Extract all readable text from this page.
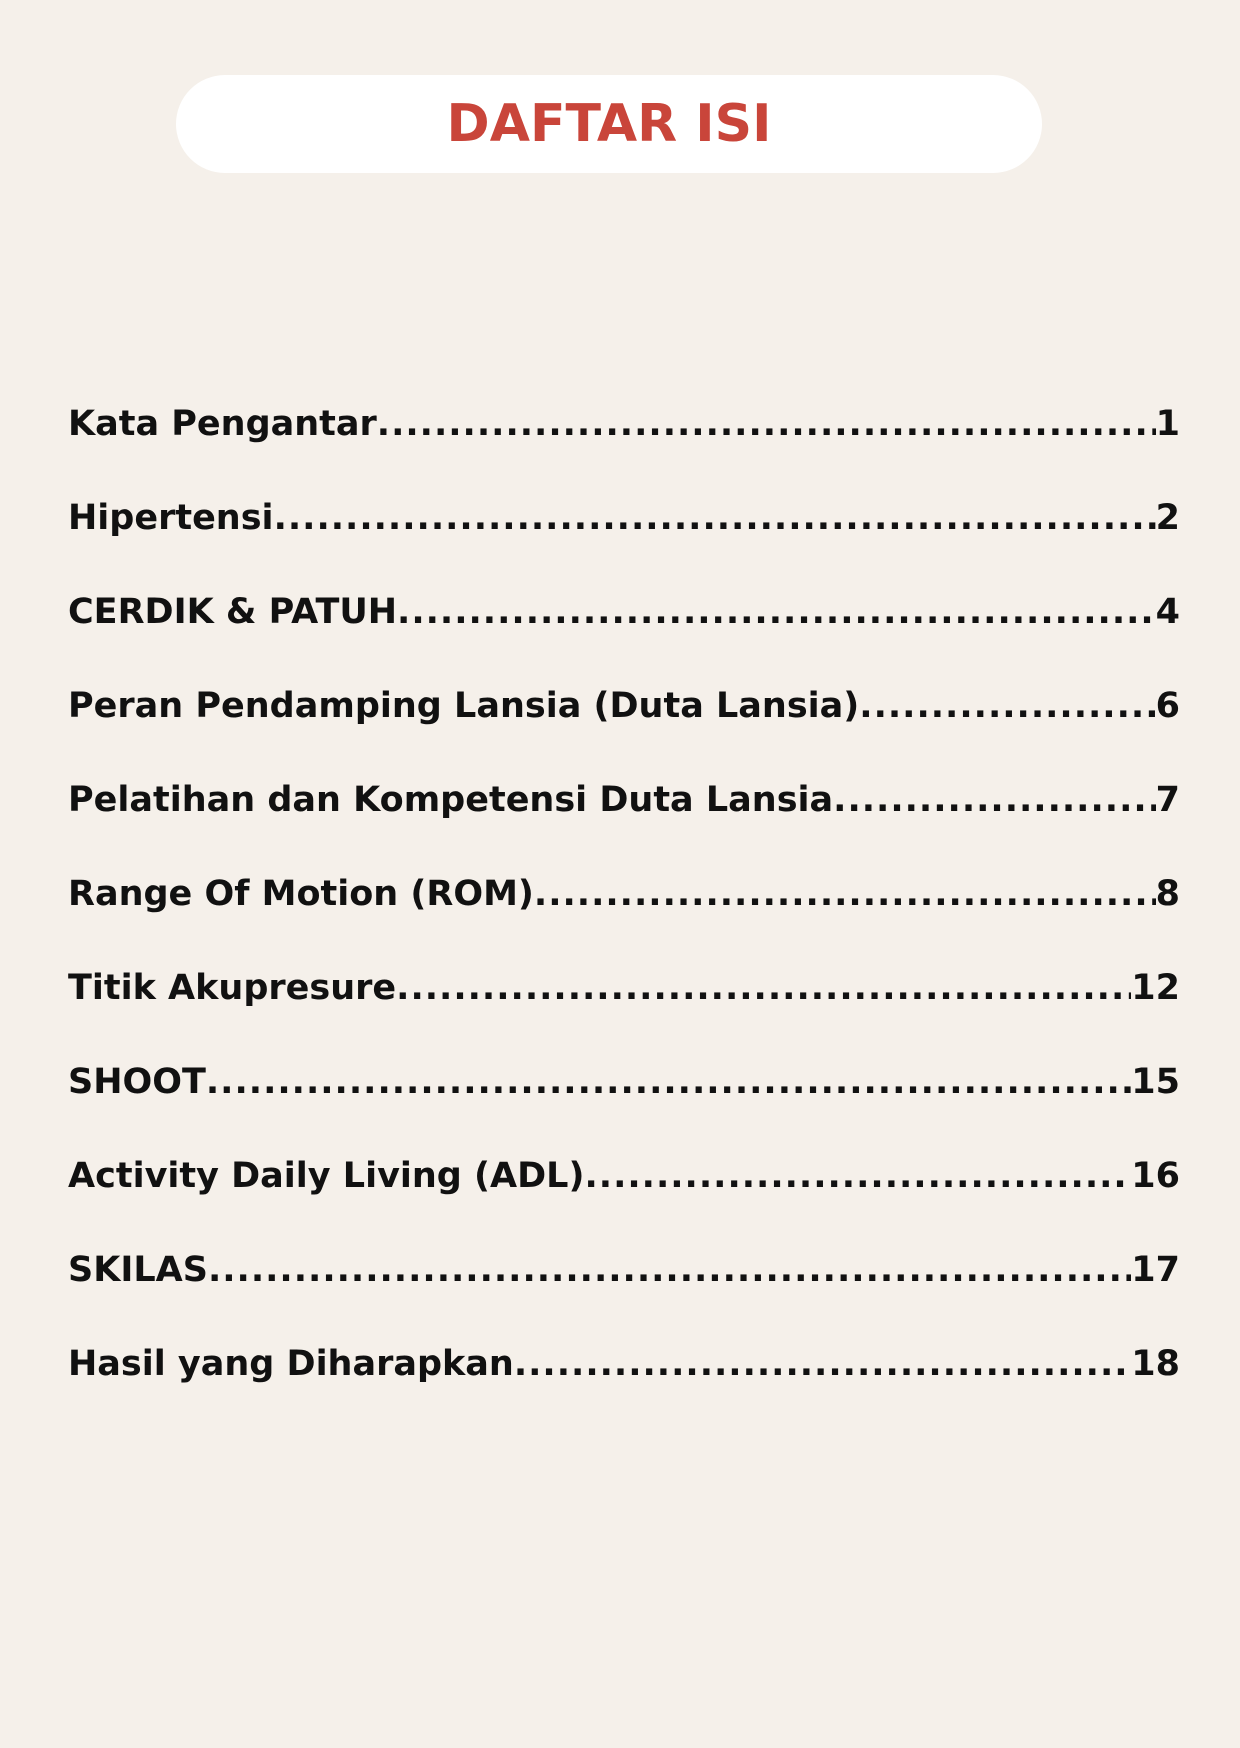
DAFTAR ISI
Kata Pengantar .....	1
Hipertensi .....	2
CERDIK & PATUH .....	4
Peran Pendamping Lansia (Duta Lansia) .....	6
Pelatihan dan Kompetensi Duta Lansia .....	7
Range Of Motion (ROM) .....	8
Titik Akupresure .....	12
SHOOT .....	15
Activity Daily Living (ADL) .....	16
SKILAS .....	17
Hasil yang Diharapkan .....	18
